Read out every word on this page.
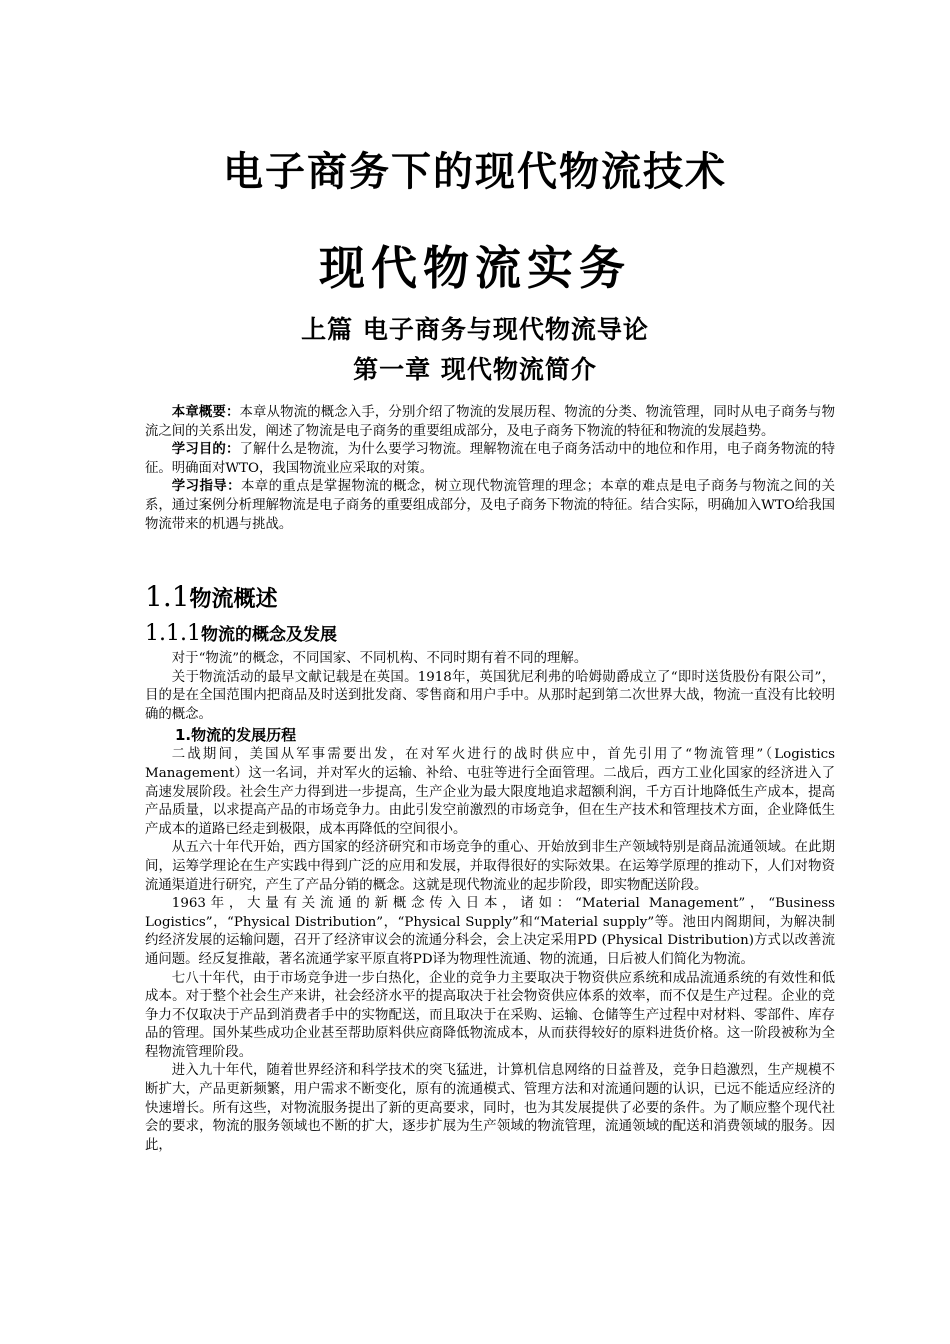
电子商务下的现代物流技术
现代物流实务
上篇 电子商务与现代物流导论
第一章 现代物流简介

本章概要：本章从物流的概念入手，分别介绍了物流的发展历程、物流的分类、物流管理，同时从电子商务与物流之间的关系出发，阐述了物流是电子商务的重要组成部分，及电子商务下物流的特征和物流的发展趋势。

学习目的：了解什么是物流，为什么要学习物流。理解物流在电子商务活动中的地位和作用，电子商务物流的特征。明确面对WTO，我国物流业应采取的对策。

学习指导：本章的重点是掌握物流的概念，树立现代物流管理的理念；本章的难点是电子商务与物流之间的关系，通过案例分析理解物流是电子商务的重要组成部分，及电子商务下物流的特征。结合实际，明确加入WTO给我国物流带来的机遇与挑战。

1.1物流概述
1.1.1物流的概念及发展

对于“物流”的概念，不同国家、不同机构、不同时期有着不同的理解。

关于物流活动的最早文献记载是在英国。1918年，英国犹尼利弗的哈姆勋爵成立了“即时送货股份有限公司”，目的是在全国范围内把商品及时送到批发商、零售商和用户手中。从那时起到第二次世界大战，物流一直没有比较明确的概念。

1.物流的发展历程

二战期间，美国从军事需要出发，在对军火进行的战时供应中，首先引用了“物流管理”（Logistics Management）这一名词，并对军火的运输、补给、屯驻等进行全面管理。二战后，西方工业化国家的经济进入了高速发展阶段。社会生产力得到进一步提高，生产企业为最大限度地追求超额利润，千方百计地降低生产成本，提高产品质量，以求提高产品的市场竞争力。由此引发空前激烈的市场竞争，但在生产技术和管理技术方面，企业降低生产成本的道路已经走到极限，成本再降低的空间很小。

从五六十年代开始，西方国家的经济研究和市场竞争的重心、开始放到非生产领域特别是商品流通领域。在此期间，运筹学理论在生产实践中得到广泛的应用和发展，并取得很好的实际效果。在运筹学原理的推动下，人们对物资流通渠道进行研究，产生了产品分销的概念。这就是现代物流业的起步阶段，即实物配送阶段。

1963年，大量有关流通的新概念传入日本，诸如：“Material Management”，“Business Logistics”，“Physical Distribution”，“Physical Supply”和“Material supply”等。池田内阁期间，为解决制约经济发展的运输问题，召开了经济审议会的流通分科会，会上决定采用PD (Physical Distribution)方式以改善流通问题。经反复推敲，著名流通学家平原直将PD译为物理性流通、物的流通，日后被人们简化为物流。

七八十年代，由于市场竞争进一步白热化，企业的竞争力主要取决于物资供应系统和成品流通系统的有效性和低成本。对于整个社会生产来讲，社会经济水平的提高取决于社会物资供应体系的效率，而不仅是生产过程。企业的竞争力不仅取决于产品到消费者手中的实物配送，而且取决于在采购、运输、仓储等生产过程中对材料、零部件、库存品的管理。国外某些成功企业甚至帮助原料供应商降低物流成本，从而获得较好的原料进货价格。这一阶段被称为全程物流管理阶段。

进入九十年代，随着世界经济和科学技术的突飞猛进，计算机信息网络的日益普及，竞争日趋激烈，生产规模不断扩大，产品更新频繁，用户需求不断变化，原有的流通模式、管理方法和对流通问题的认识，已远不能适应经济的快速增长。所有这些，对物流服务提出了新的更高要求，同时，也为其发展提供了必要的条件。为了顺应整个现代社会的要求，物流的服务领域也不断的扩大，逐步扩展为生产领域的物流管理，流通领域的配送和消费领域的服务。因此，
